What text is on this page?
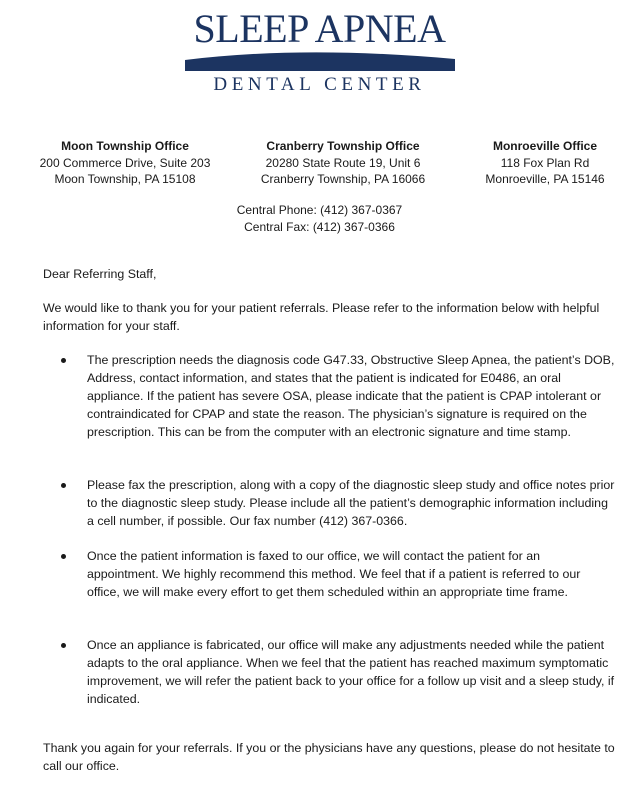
SLEEP APNEA
DENTAL CENTER
Moon Township Office
200 Commerce Drive, Suite 203
Moon Township, PA 15108
Cranberry Township Office
20280 State Route 19, Unit 6
Cranberry Township, PA 16066
Monroeville Office
118 Fox Plan Rd
Monroeville, PA 15146
Central Phone: (412) 367-0367
Central Fax: (412) 367-0366
Dear Referring Staff,
We would like to thank you for your patient referrals. Please refer to the information below with helpful information for your staff.
The prescription needs the diagnosis code G47.33, Obstructive Sleep Apnea, the patient’s DOB, Address, contact information, and states that the patient is indicated for E0486, an oral appliance. If the patient has severe OSA, please indicate that the patient is CPAP intolerant or contraindicated for CPAP and state the reason. The physician’s signature is required on the prescription. This can be from the computer with an electronic signature and time stamp.
Please fax the prescription, along with a copy of the diagnostic sleep study and office notes prior to the diagnostic sleep study. Please include all the patient’s demographic information including a cell number, if possible. Our fax number (412) 367-0366.
Once the patient information is faxed to our office, we will contact the patient for an appointment. We highly recommend this method. We feel that if a patient is referred to our office, we will make every effort to get them scheduled within an appropriate time frame.
Once an appliance is fabricated, our office will make any adjustments needed while the patient adapts to the oral appliance. When we feel that the patient has reached maximum symptomatic improvement, we will refer the patient back to your office for a follow up visit and a sleep study, if indicated.
Thank you again for your referrals. If you or the physicians have any questions, please do not hesitate to call our office.
